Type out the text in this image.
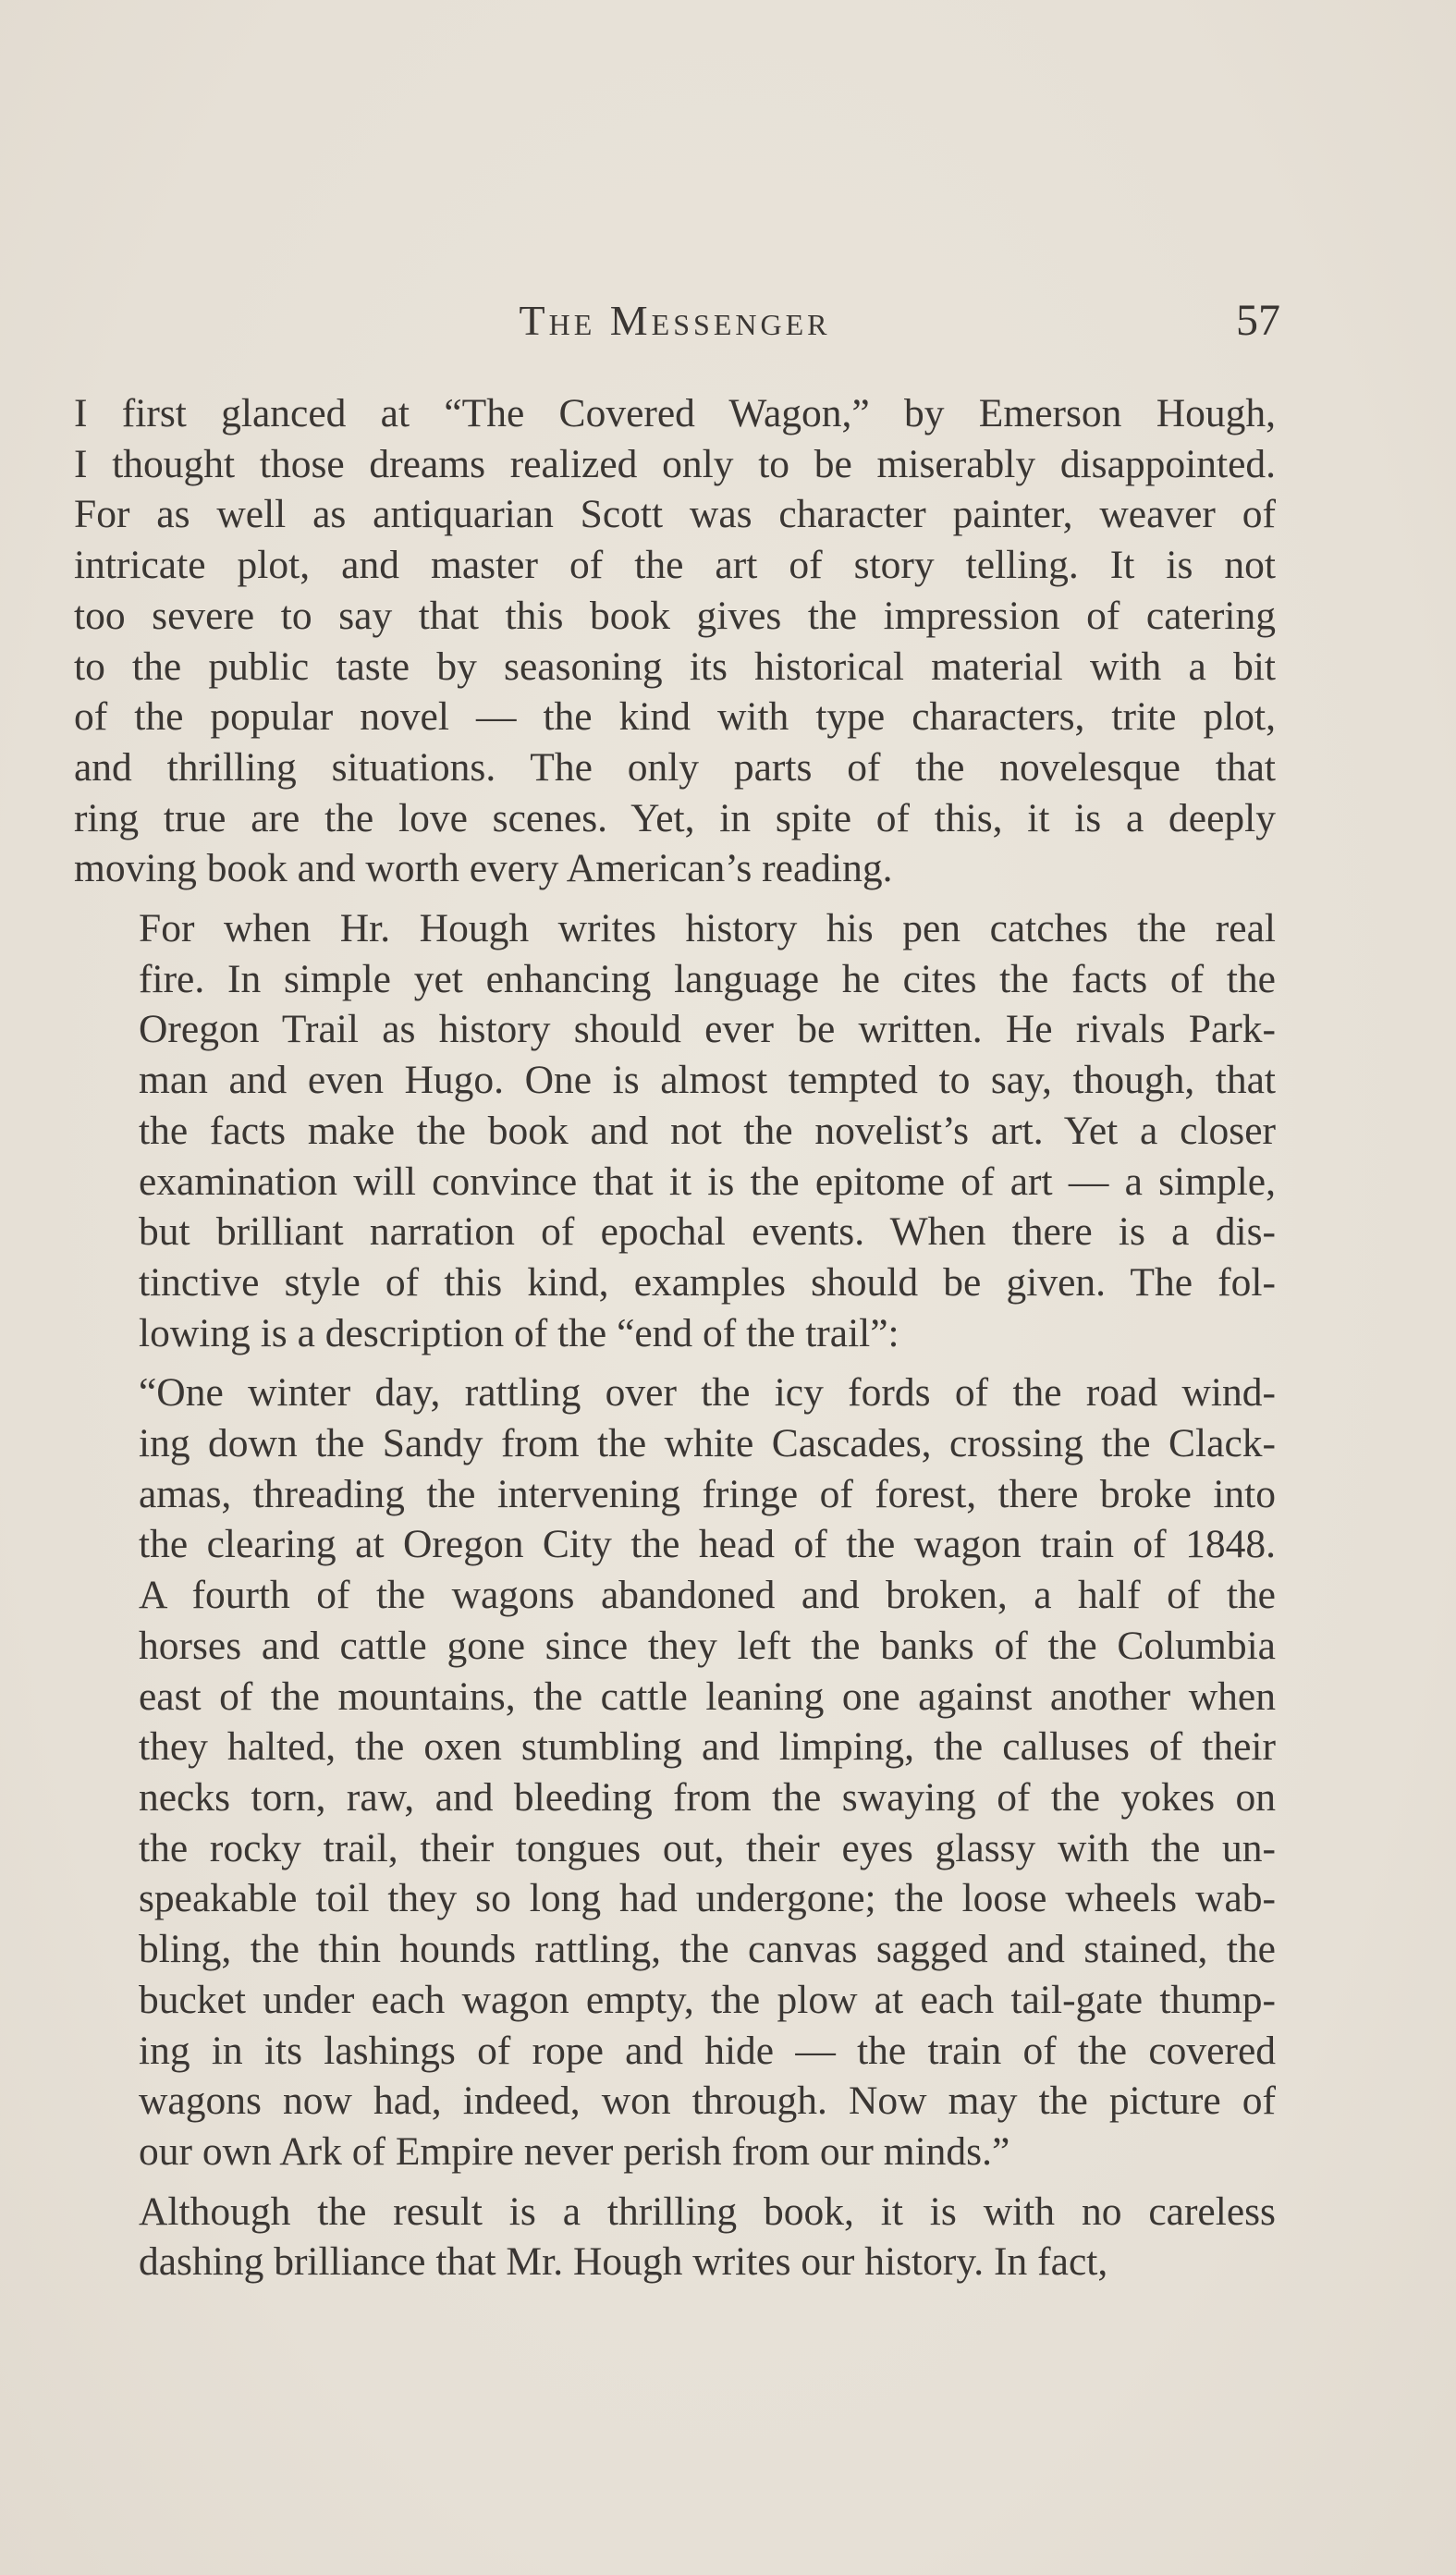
The Messenger	57
I first glanced at “The Covered Wagon,” by Emerson Hough,
I thought those dreams realized only to be miserably disappointed.
For as well as antiquarian Scott was character painter, weaver of
intricate plot, and master of the art of story telling. It is not
too severe to say that this book gives the impression of catering
to the public taste by seasoning its historical material with a bit
of the popular novel — the kind with type characters, trite plot,
and thrilling situations. The only parts of the novelesque that
ring true are the love scenes. Yet, in spite of this, it is a deeply
moving book and worth every American’s reading.
For when Hr. Hough writes history his pen catches the real
fire. In simple yet enhancing language he cites the facts of the
Oregon Trail as history should ever be written. He rivals Park-
man and even Hugo. One is almost tempted to say, though, that
the facts make the book and not the novelist’s art. Yet a closer
examination will convince that it is the epitome of art — a simple,
but brilliant narration of epochal events. When there is a dis-
tinctive style of this kind, examples should be given. The fol-
lowing is a description of the “end of the trail”:
“One winter day, rattling over the icy fords of the road wind-
ing down the Sandy from the white Cascades, crossing the Clack-
amas, threading the intervening fringe of forest, there broke into
the clearing at Oregon City the head of the wagon train of 1848.
A fourth of the wagons abandoned and broken, a half of the
horses and cattle gone since they left the banks of the Columbia
east of the mountains, the cattle leaning one against another when
they halted, the oxen stumbling and limping, the calluses of their
necks torn, raw, and bleeding from the swaying of the yokes on
the rocky trail, their tongues out, their eyes glassy with the un-
speakable toil they so long had undergone; the loose wheels wab-
bling, the thin hounds rattling, the canvas sagged and stained, the
bucket under each wagon empty, the plow at each tail-gate thump-
ing in its lashings of rope and hide — the train of the covered
wagons now had, indeed, won through. Now may the picture of
our own Ark of Empire never perish from our minds.”
Although the result is a thrilling book, it is with no careless
dashing brilliance that Mr. Hough writes our history. In fact,
